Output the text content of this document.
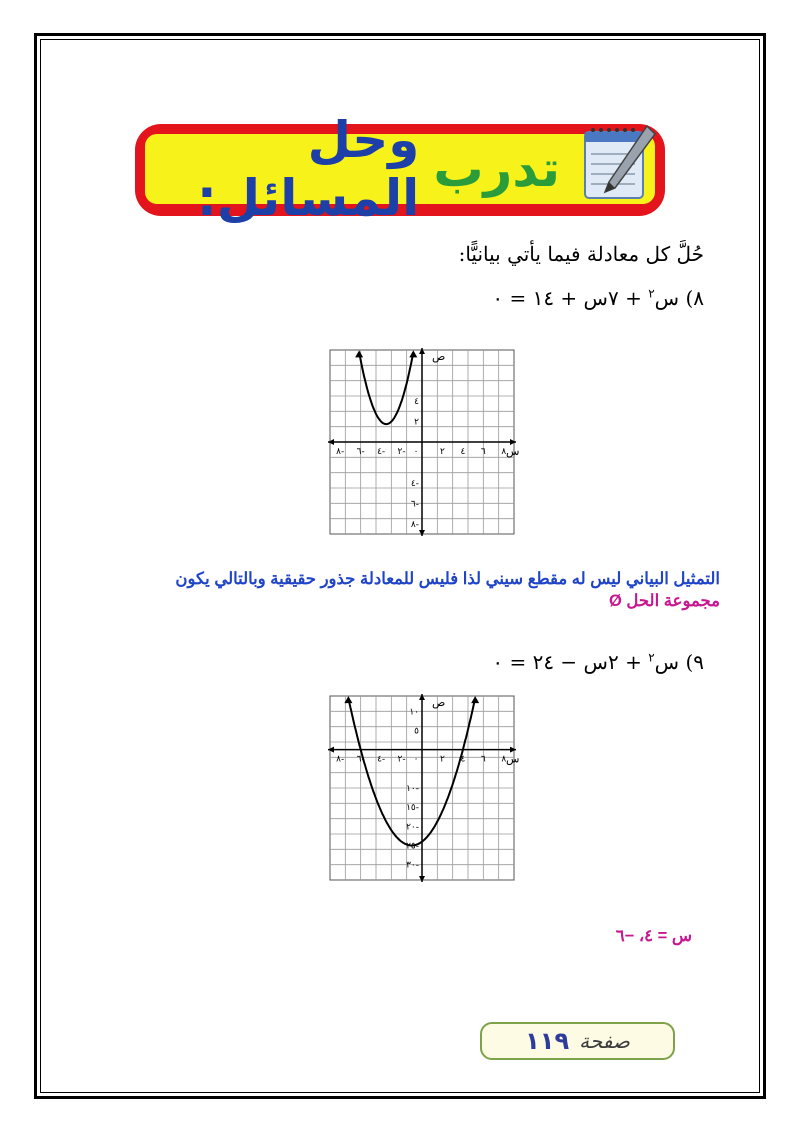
تدرب
وحل المسائل:
حُلَّ كل معادلة فيما يأتي بيانيًّا:
٨) س$^٢$ + ٧س + ١٤ = ٠
ص
س
٨- ٦- ٤- ٢- ٠ ٢ ٤ ٦ ٨
٤
٢
٤-
٦-
٨-
التمثيل البياني ليس له مقطع سيني لذا فليس للمعادلة جذور حقيقية وبالتالي يكون
مجموعة الحل Ø
٩) س$^٢$ + ٢س − ٢٤ = ٠
ص
س
٨- ٦- ٤- ٢- ٠ ٢ ٤ ٦ ٨
١٠
٥
١٠-
١٥-
٢٠-
٢٥-
٣٠-
س = ٤، −٦
صفحة
١١٩
